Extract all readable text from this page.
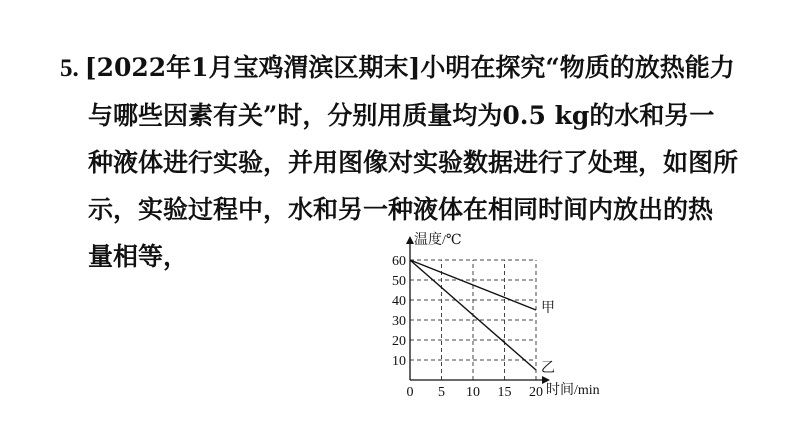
5. [2022年1月宝鸡渭滨区期末]小明在探究“物质的放热能力
与哪些因素有关”时，分别用质量均为0.5 kg的水和另一
种液体进行实验，并用图像对实验数据进行了处理，如图所
示，实验过程中，水和另一种液体在相同时间内放出的热
量相等，
10
20
30
40
50
60
0 5 10 15 20
甲
乙
温度/℃
时间/min
